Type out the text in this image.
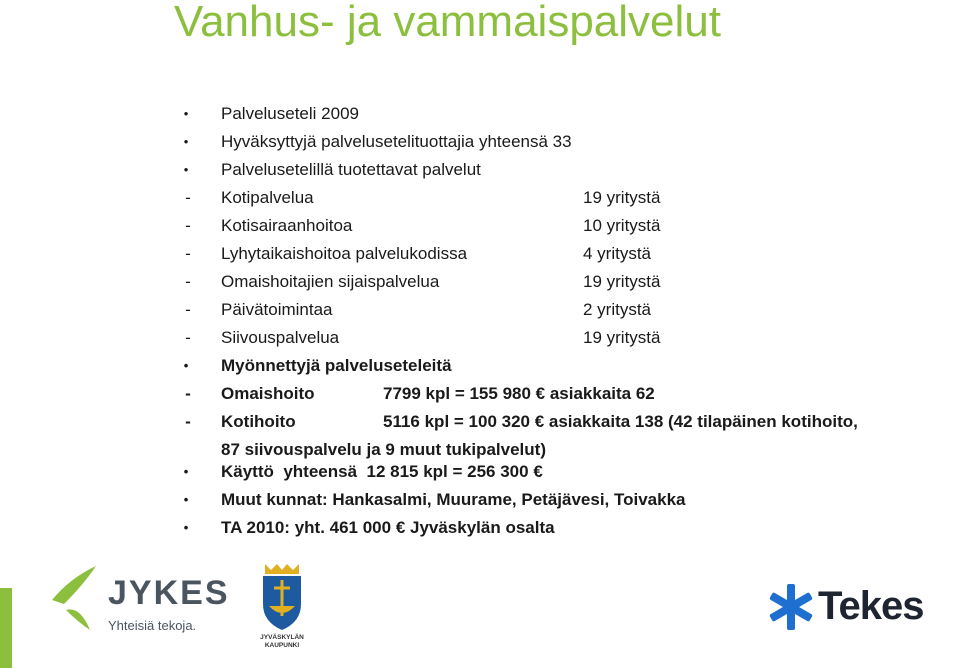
Vanhus- ja vammaispalvelut
•	Palveluseteli 2009
•	Hyväksyttyjä palvelusetelituottajia yhteensä 33
•	Palvelusetelillä tuotettavat palvelut
-	Kotipalvelua	19 yritystä
-	Kotisairaanhoitoa	10 yritystä
-	Lyhytaikaishoitoa palvelukodissa	4 yritystä
-	Omaishoitajien sijaispalvelua	19 yritystä
-	Päivätoimintaa	2 yritystä
-	Siivouspalvelua	19 yritystä
•	Myönnettyjä palveluseteleitä
-	Omaishoito	7799 kpl = 155 980 € asiakkaita 62
-	Kotihoito	5116 kpl = 100 320 € asiakkaita 138 (42 tilapäinen kotihoito,
87 siivouspalvelu ja 9 muut tukipalvelut)
•	Käyttö  yhteensä  12 815 kpl = 256 300 €
•	Muut kunnat: Hankasalmi, Muurame, Petäjävesi, Toivakka
•	TA 2010: yht. 461 000 € Jyväskylän osalta
JYKES
Yhteisiä tekoja.
JYVÄSKYLÄN
KAUPUNKI
Tekes
